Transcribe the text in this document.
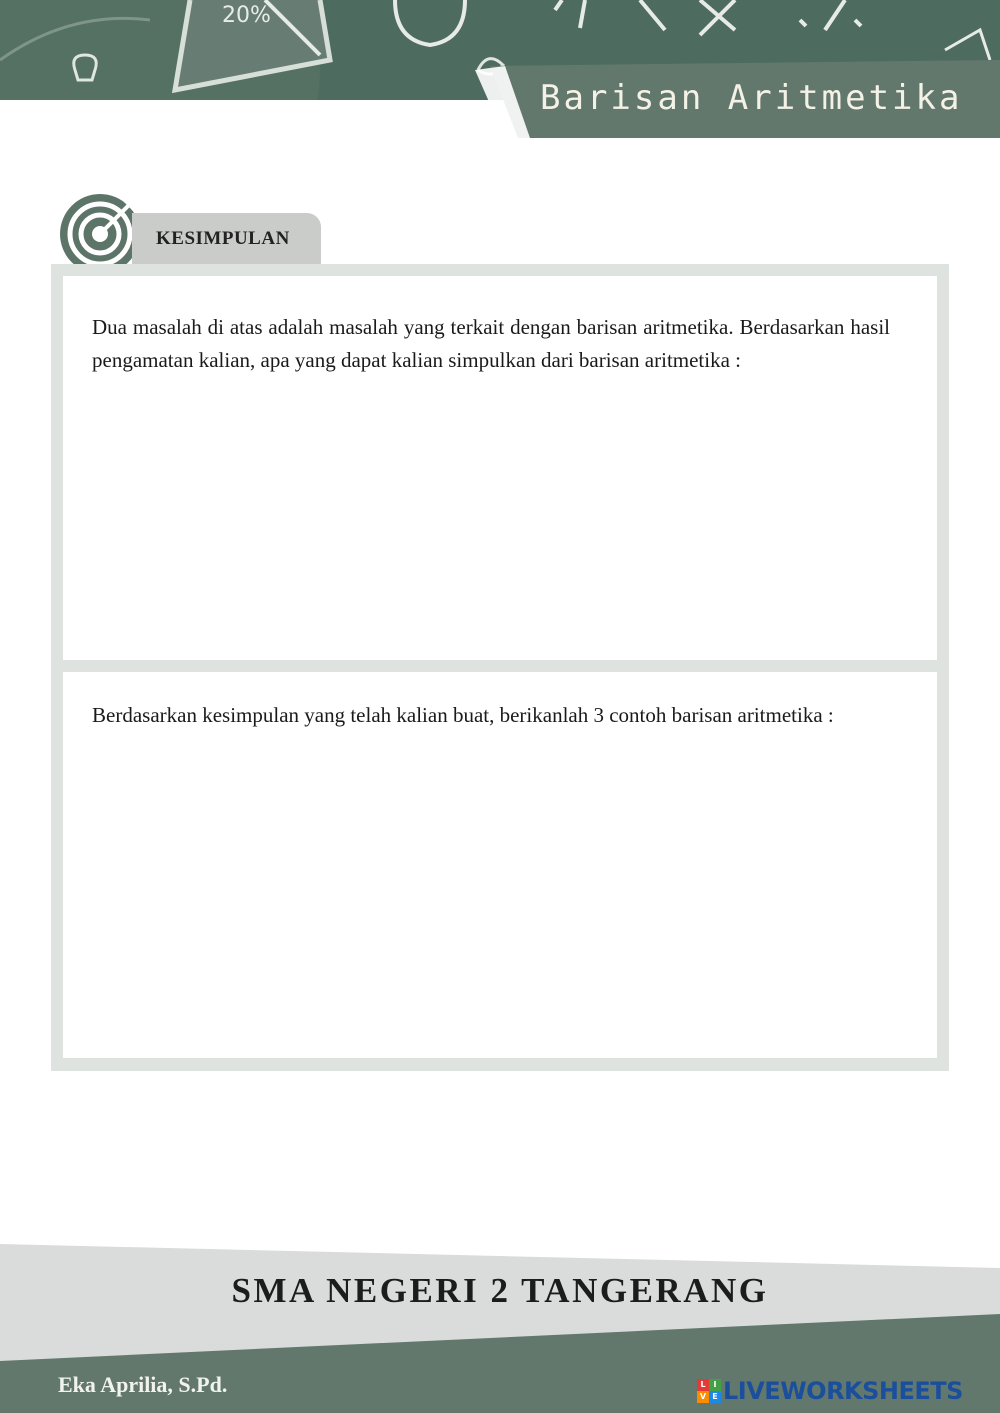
20%
Barisan Aritmetika
KESIMPULAN

Dua masalah di atas adalah masalah yang terkait dengan barisan aritmetika. Berdasarkan hasil pengamatan kalian, apa yang dapat kalian simpulkan dari barisan aritmetika :

Berdasarkan kesimpulan yang telah kalian buat, berikanlah 3 contoh barisan aritmetika :

SMA NEGERI 2 TANGERANG
Eka Aprilia, S.Pd.	L I
V E LIVEWORKSHEETS
